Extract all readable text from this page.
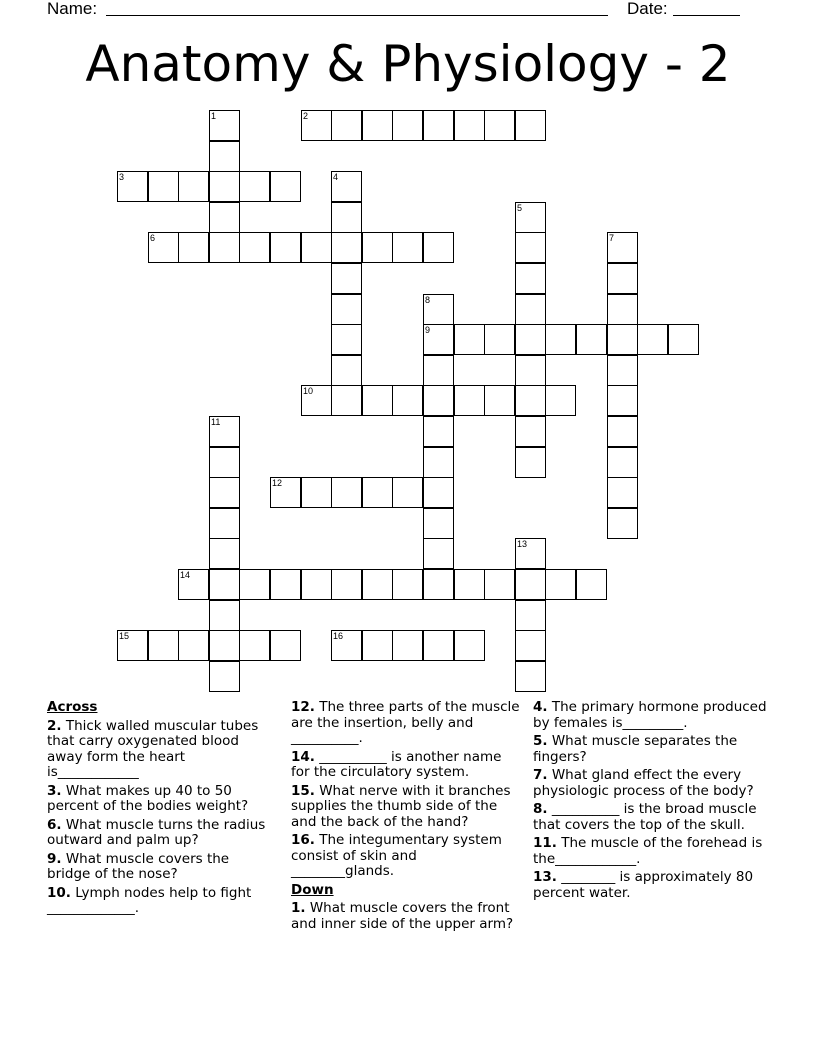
Name:	Date:
Anatomy & Physiology - 2
1	2
3	4
5
6	7
8
9
10
11
12
13
14
15	16
Across
2. Thick walled muscular tubes that carry oxygenated blood away form the heart is____________
3. What makes up 40 to 50 percent of the bodies weight?
6. What muscle turns the radius outward and palm up?
9. What muscle covers the bridge of the nose?
10. Lymph nodes help to fight _____________.
12. The three parts of the muscle are the insertion, belly and __________.
14. __________ is another name for the circulatory system.
15. What nerve with it branches supplies the thumb side of the and the back of the hand?
16. The integumentary system consist of skin and ________glands.
Down
1. What muscle covers the front and inner side of the upper arm?
4. The primary hormone produced by females is_________.
5. What muscle separates the fingers?
7. What gland effect the every physiologic process of the body?
8. __________ is the broad muscle that covers the top of the skull.
11. The muscle of the forehead is the____________.
13. ________ is approximately 80 percent water.
